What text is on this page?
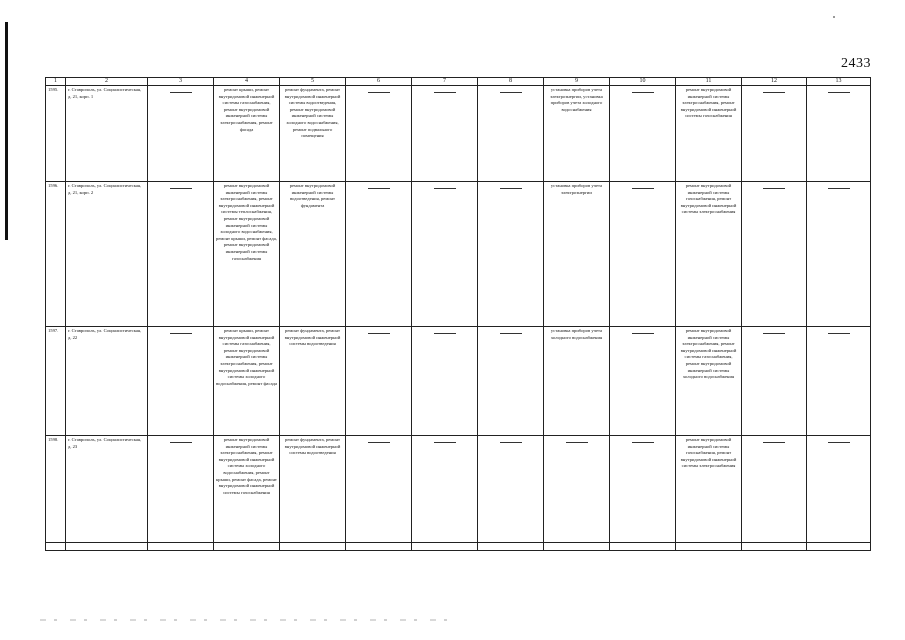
2433
1	2	3	4	5	6	7	8	9	10	11	12	13
1595.	г. Ставрополь, ул. Социалистическая, д. 21, корп. 1		ремонт крыши, ремонт внутридомовой инженерной системы газоснабжения, ремонт внутридомовой инженерной системы электроснабжения, ремонт фасада	ремонт фундамента, ремонт внутридомовой инженерной системы водоотведения, ремонт внутридомовой инженерной системы холодного водоснабжения, ремонт подвального помещения				установка приборов учета электроэнергии, установка приборов учета холодного водоснабжения		ремонт внутридомовой инженерной системы электроснабжения, ремонт внутридомовой инженерной системы газоснабжения	

1596.	г. Ставрополь, ул. Социалистическая, д. 21, корп. 2		ремонт внутридомовой инженерной системы электроснабжения, ремонт внутридомовой инженерной системы теплоснабжения, ремонт внутридомовой инженерной системы холодного водоснабжения, ремонт крыши, ремонт фасада, ремонт внутридомовой инженерной системы газоснабжения	ремонт внутридомовой инженерной системы водоотведения, ремонт фундамента				установка приборов учета электроэнергии		ремонт внутридомовой инженерной системы газоснабжения, ремонт внутридомовой инженерной системы электроснабжения	

1597.	г. Ставрополь, ул. Социалистическая, д. 22		ремонт крыши, ремонт внутридомовой инженерной системы газоснабжения, ремонт внутридомовой инженерной системы электроснабжения, ремонт внутридомовой инженерной системы холодного водоснабжения, ремонт фасада	ремонт фундамента, ремонт внутридомовой инженерной системы водоотведения				установка приборов учета холодного водоснабжения		ремонт внутридомовой инженерной системы электроснабжения, ремонт внутридомовой инженерной системы газоснабжения, ремонт внутридомовой инженерной системы холодного водоснабжения	

1598.	г. Ставрополь, ул. Социалистическая, д. 23		ремонт внутридомовой инженерной системы электроснабжения, ремонт внутридомовой инженерной системы холодного водоснабжения, ремонт крыши, ремонт фасада, ремонт внутридомовой инженерной системы газоснабжения	ремонт фундамента, ремонт внутридомовой инженерной системы водоотведения						ремонт внутридомовой инженерной системы газоснабжения, ремонт внутридомовой инженерной системы электроснабжения	
